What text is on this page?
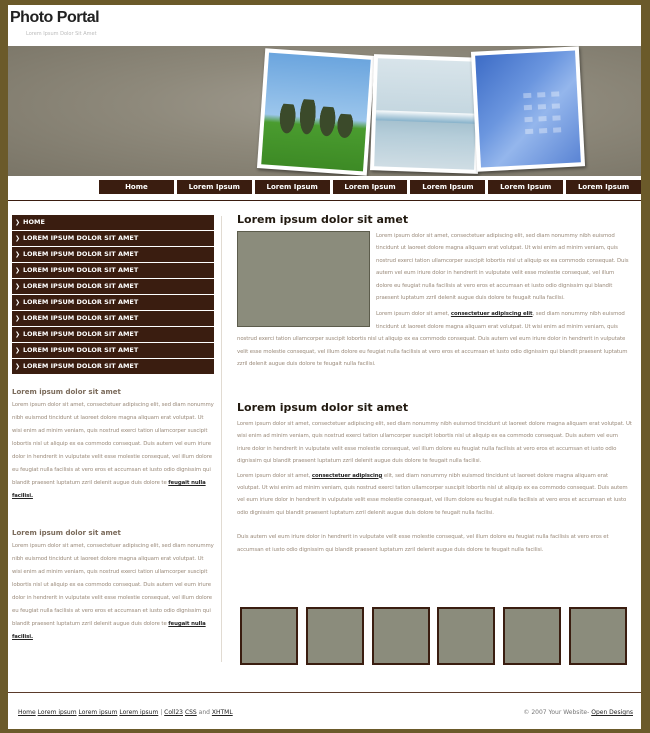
Photo Portal
Lorem Ipsum Dolor Sit Amet
Home	Lorem Ipsum	Lorem Ipsum	Lorem Ipsum	Lorem Ipsum	Lorem Ipsum	Lorem Ipsum
❯ HOME
❯ LOREM IPSUM DOLOR SIT AMET
❯ LOREM IPSUM DOLOR SIT AMET
❯ LOREM IPSUM DOLOR SIT AMET
❯ LOREM IPSUM DOLOR SIT AMET
❯ LOREM IPSUM DOLOR SIT AMET
❯ LOREM IPSUM DOLOR SIT AMET
❯ LOREM IPSUM DOLOR SIT AMET
❯ LOREM IPSUM DOLOR SIT AMET
❯ LOREM IPSUM DOLOR SIT AMET
Lorem ipsum dolor sit amet
Lorem ipsum dolor sit amet, consectetuer adipiscing elit, sed diam nonummy nibh euismod tincidunt ut laoreet dolore magna aliquam erat volutpat. Ut wisi enim ad minim veniam, quis nostrud exerci tation ullamcorper suscipit lobortis nisl ut aliquip ex ea commodo consequat. Duis autem vel eum iriure dolor in hendrerit in vulputate velit esse molestie consequat, vel illum dolore eu feugiat nulla facilisis at vero eros et accumsan et iusto odio dignissim qui blandit praesent luptatum zzril delenit augue duis dolore te feugait nulla facilisi.
Lorem ipsum dolor sit amet
Lorem ipsum dolor sit amet, consectetuer adipiscing elit, sed diam nonummy nibh euismod tincidunt ut laoreet dolore magna aliquam erat volutpat. Ut wisi enim ad minim veniam, quis nostrud exerci tation ullamcorper suscipit lobortis nisl ut aliquip ex ea commodo consequat. Duis autem vel eum iriure dolor in hendrerit in vulputate velit esse molestie consequat, vel illum dolore eu feugiat nulla facilisis at vero eros et accumsan et iusto odio dignissim qui blandit praesent luptatum zzril delenit augue duis dolore te feugait nulla facilisi.
Lorem ipsum dolor sit amet
Lorem ipsum dolor sit amet, consectetuer adipiscing elit, sed diam nonummy nibh euismod tincidunt ut laoreet dolore magna aliquam erat volutpat. Ut wisi enim ad minim veniam, quis nostrud exerci tation ullamcorper suscipit lobortis nisl ut aliquip ex ea commodo consequat. Duis autem vel eum iriure dolor in hendrerit in vulputate velit esse molestie consequat, vel illum dolore eu feugiat nulla facilisis at vero eros et accumsan et iusto odio dignissim qui blandit praesent luptatum zzril delenit augue duis dolore te feugait nulla facilisi.
Lorem ipsum dolor sit amet, consectetuer adipiscing elit, sed diam nonummy nibh euismod tincidunt ut laoreet dolore magna aliquam erat volutpat. Ut wisi enim ad minim veniam, quis nostrud exerci tation ullamcorper suscipit lobortis nisl ut aliquip ex ea commodo consequat. Duis autem vel eum iriure dolor in hendrerit in vulputate velit esse molestie consequat, vel illum dolore eu feugiat nulla facilisis at vero eros et accumsan et iusto odio dignissim qui blandit praesent luptatum zzril delenit augue duis dolore te feugait nulla facilisi.
Lorem ipsum dolor sit amet
Lorem ipsum dolor sit amet, consectetuer adipiscing elit, sed diam nonummy nibh euismod tincidunt ut laoreet dolore magna aliquam erat volutpat. Ut wisi enim ad minim veniam, quis nostrud exerci tation ullamcorper suscipit lobortis nisl ut aliquip ex ea commodo consequat. Duis autem vel eum iriure dolor in hendrerit in vulputate velit esse molestie consequat, vel illum dolore eu feugiat nulla facilisis at vero eros et accumsan et iusto odio dignissim qui blandit praesent luptatum zzril delenit augue duis dolore te feugait nulla facilisi.
Lorem ipsum dolor sit amet, consectetuer adipiscing elit, sed diam nonummy nibh euismod tincidunt ut laoreet dolore magna aliquam erat volutpat. Ut wisi enim ad minim veniam, quis nostrud exerci tation ullamcorper suscipit lobortis nisl ut aliquip ex ea commodo consequat. Duis autem vel eum iriure dolor in hendrerit in vulputate velit esse molestie consequat, vel illum dolore eu feugiat nulla facilisis at vero eros et accumsan et iusto odio dignissim qui blandit praesent luptatum zzril delenit augue duis dolore te feugait nulla facilisi.
Duis autem vel eum iriure dolor in hendrerit in vulputate velit esse molestie consequat, vel illum dolore eu feugiat nulla facilisis at vero eros et accumsan et iusto odio dignissim qui blandit praesent luptatum zzril delenit augue duis dolore te feugait nulla facilisi.
Home Lorem ipsum Lorem ipsum Lorem ipsum | Coll23 CSS and XHTML	© 2007 Your Website- Open Designs
